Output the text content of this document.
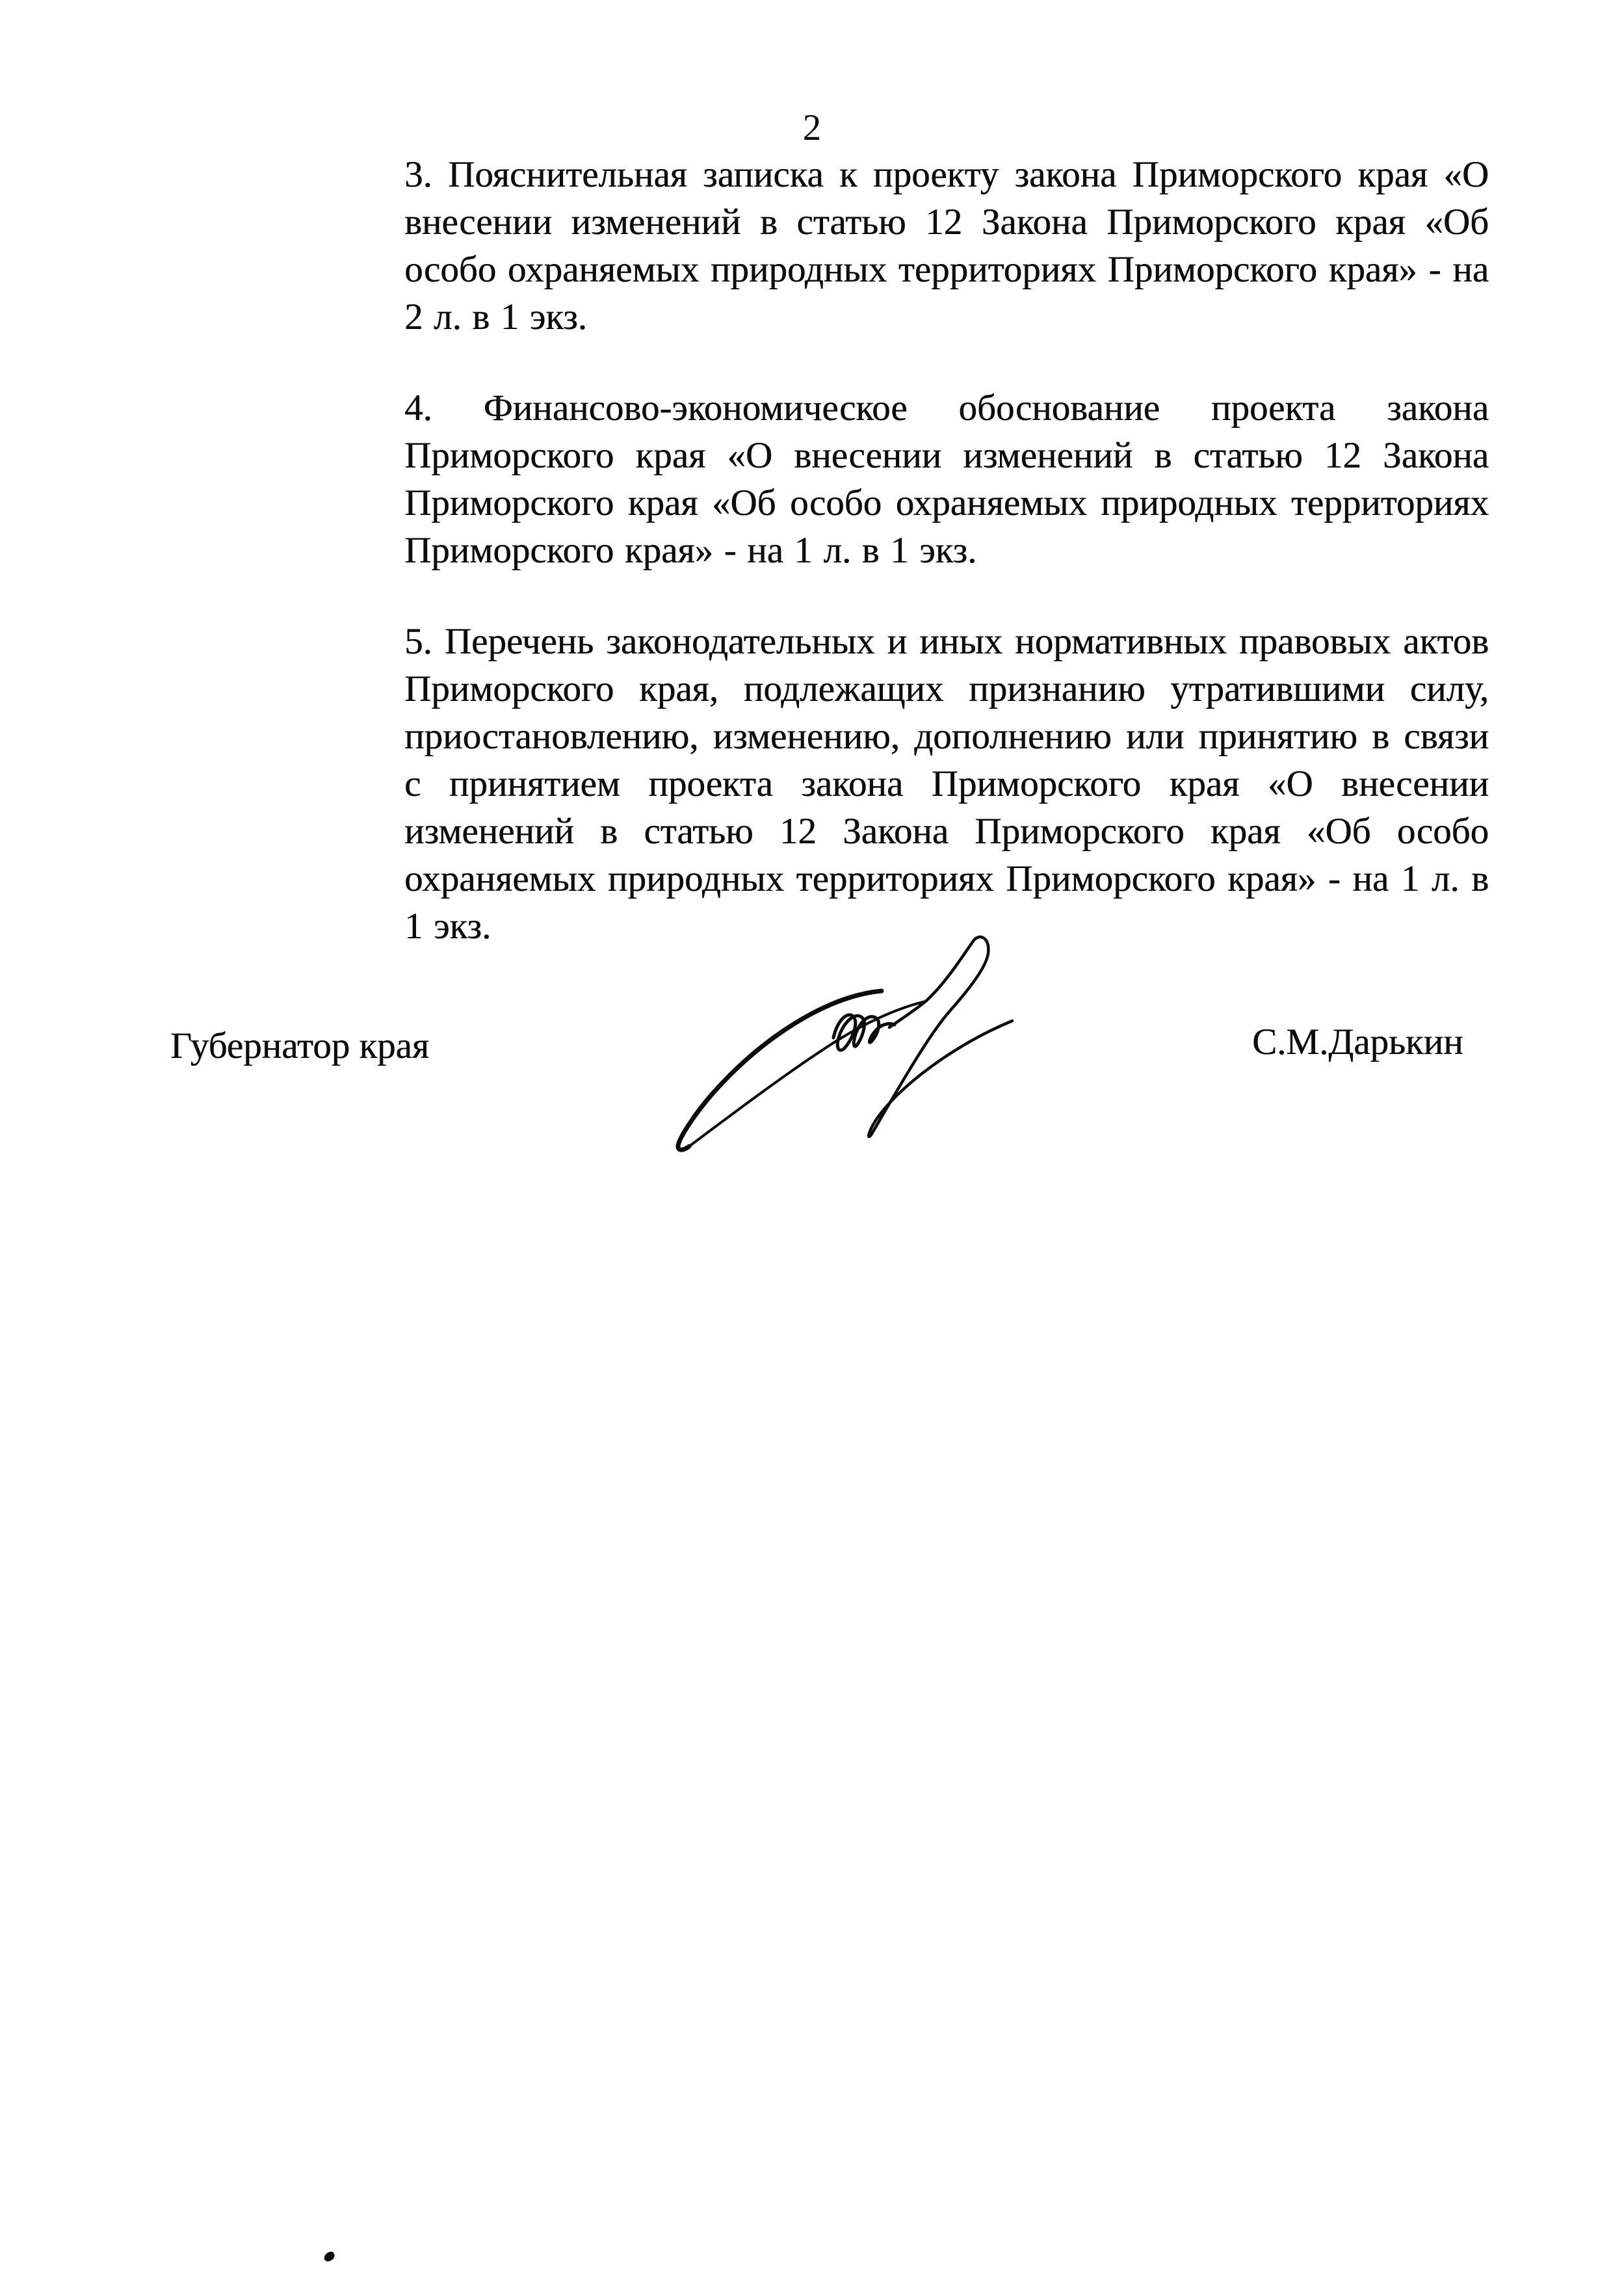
2

3. Пояснительная записка к проекту закона Приморского края «О внесении изменений в статью 12 Закона Приморского края «Об особо охраняемых природных территориях Приморского края» - на 2 л. в 1 экз.

4. Финансово-экономическое обоснование проекта закона Приморского края «О внесении изменений в статью 12 Закона Приморского края «Об особо охраняемых природных территориях Приморского края» - на 1 л. в 1 экз.

5. Перечень законодательных и иных нормативных правовых актов Приморского края, подлежащих признанию утратившими силу, приостановлению, изменению, дополнению или принятию в связи с принятием проекта закона Приморского края «О внесении изменений в статью 12 Закона Приморского края «Об особо охраняемых природных территориях Приморского края» - на 1 л. в 1 экз.

Губернатор края	С.М.Дарькин
